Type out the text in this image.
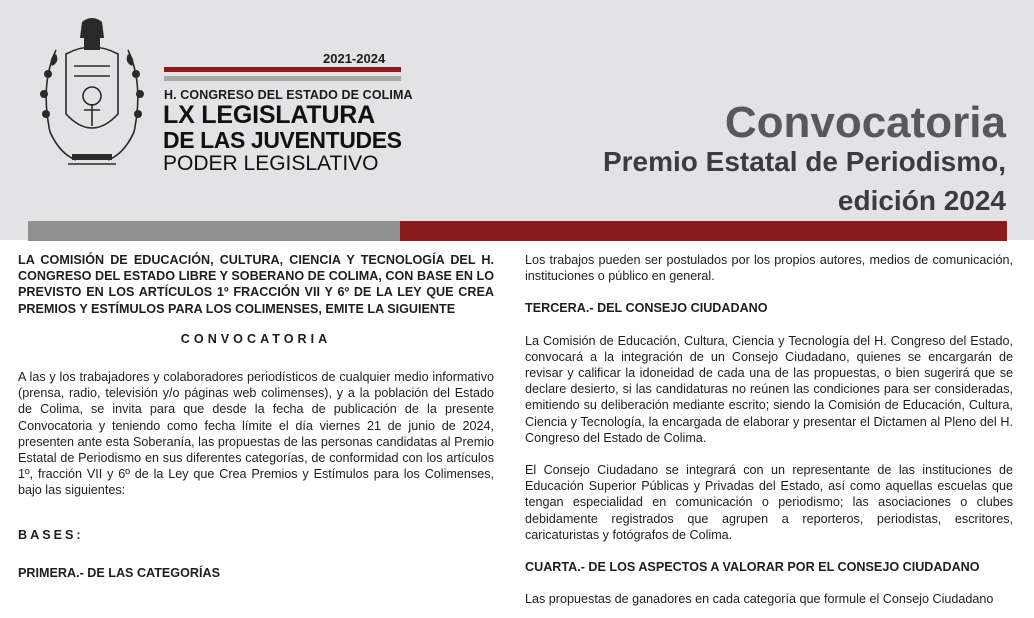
2021-2024
H. CONGRESO DEL ESTADO DE COLIMA
LX LEGISLATURA
DE LAS JUVENTUDES
PODER LEGISLATIVO
Convocatoria
Premio Estatal de Periodismo,
edición 2024

LA COMISIÓN DE EDUCACIÓN, CULTURA, CIENCIA Y TECNOLOGÍA DEL H. CONGRESO DEL ESTADO LIBRE Y SOBERANO DE COLIMA, CON BASE EN LO PREVISTO EN LOS ARTÍCULOS 1º FRACCIÓN VII Y 6º DE LA LEY QUE CREA PREMIOS Y ESTÍMULOS PARA LOS COLIMENSES, EMITE LA SIGUIENTE

CONVOCATORIA

A las y los trabajadores y colaboradores periodísticos de cualquier medio informativo (prensa, radio, televisión y/o páginas web colimenses), y a la población del Estado de Colima, se invita para que desde la fecha de publicación de la presente Convocatoria y teniendo como fecha límite el día viernes 21 de junio de 2024, presenten ante esta Soberanía, las propuestas de las personas candidatas al Premio Estatal de Periodismo en sus diferentes categorías, de conformidad con los artículos 1º, fracción VII y 6º de la Ley que Crea Premios y Estímulos para los Colimenses, bajo las siguientes:

BASES:

PRIMERA.- DE LAS CATEGORÍAS

Los trabajos pueden ser postulados por los propios autores, medios de comunicación, instituciones o público en general.

TERCERA.- DEL CONSEJO CIUDADANO

La Comisión de Educación, Cultura, Ciencia y Tecnología del H. Congreso del Estado, convocará a la integración de un Consejo Ciudadano, quienes se encargarán de revisar y calificar la idoneidad de cada una de las propuestas, o bien sugerirá que se declare desierto, si las candidaturas no reúnen las condiciones para ser consideradas, emitiendo su deliberación mediante escrito; siendo la Comisión de Educación, Cultura, Ciencia y Tecnología, la encargada de elaborar y presentar el Dictamen al Pleno del H. Congreso del Estado de Colima.

El Consejo Ciudadano se integrará con un representante de las instituciones de Educación Superior Públicas y Privadas del Estado, así como aquellas escuelas que tengan especialidad en comunicación o periodismo; las asociaciones o clubes debidamente registrados que agrupen a reporteros, periodistas, escritores, caricaturistas y fotógrafos de Colima.

CUARTA.- DE LOS ASPECTOS A VALORAR POR EL CONSEJO CIUDADANO

Las propuestas de ganadores en cada categoría que formule el Consejo Ciudadano
